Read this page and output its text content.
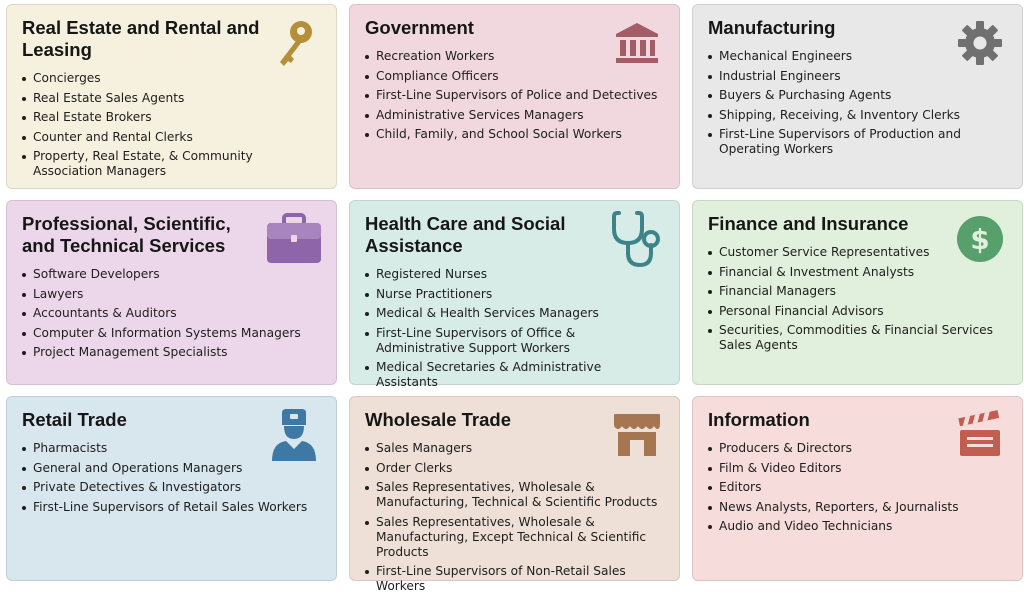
Real Estate and Rental and Leasing
Concierges
Real Estate Sales Agents
Real Estate Brokers
Counter and Rental Clerks
Property, Real Estate, & Community Association Managers
Government
Recreation Workers
Compliance Officers
First-Line Supervisors of Police and Detectives
Administrative Services Managers
Child, Family, and School Social Workers
Manufacturing
Mechanical Engineers
Industrial Engineers
Buyers & Purchasing Agents
Shipping, Receiving, & Inventory Clerks
First-Line Supervisors of Production and Operating Workers
Professional, Scientific, and Technical Services
Software Developers
Lawyers
Accountants & Auditors
Computer & Information Systems Managers
Project Management Specialists
Health Care and Social Assistance
Registered Nurses
Nurse Practitioners
Medical & Health Services Managers
First-Line Supervisors of Office & Administrative Support Workers
Medical Secretaries & Administrative Assistants
Finance and Insurance	$
Customer Service Representatives
Financial & Investment Analysts
Financial Managers
Personal Financial Advisors
Securities, Commodities & Financial Services Sales Agents
Retail Trade
Pharmacists
General and Operations Managers
Private Detectives & Investigators
First-Line Supervisors of Retail Sales Workers
Wholesale Trade
Sales Managers
Order Clerks
Sales Representatives, Wholesale & Manufacturing, Technical & Scientific Products
Sales Representatives, Wholesale & Manufacturing, Except Technical & Scientific Products
First-Line Supervisors of Non-Retail Sales Workers
Information
Producers & Directors
Film & Video Editors
Editors
News Analysts, Reporters, & Journalists
Audio and Video Technicians
